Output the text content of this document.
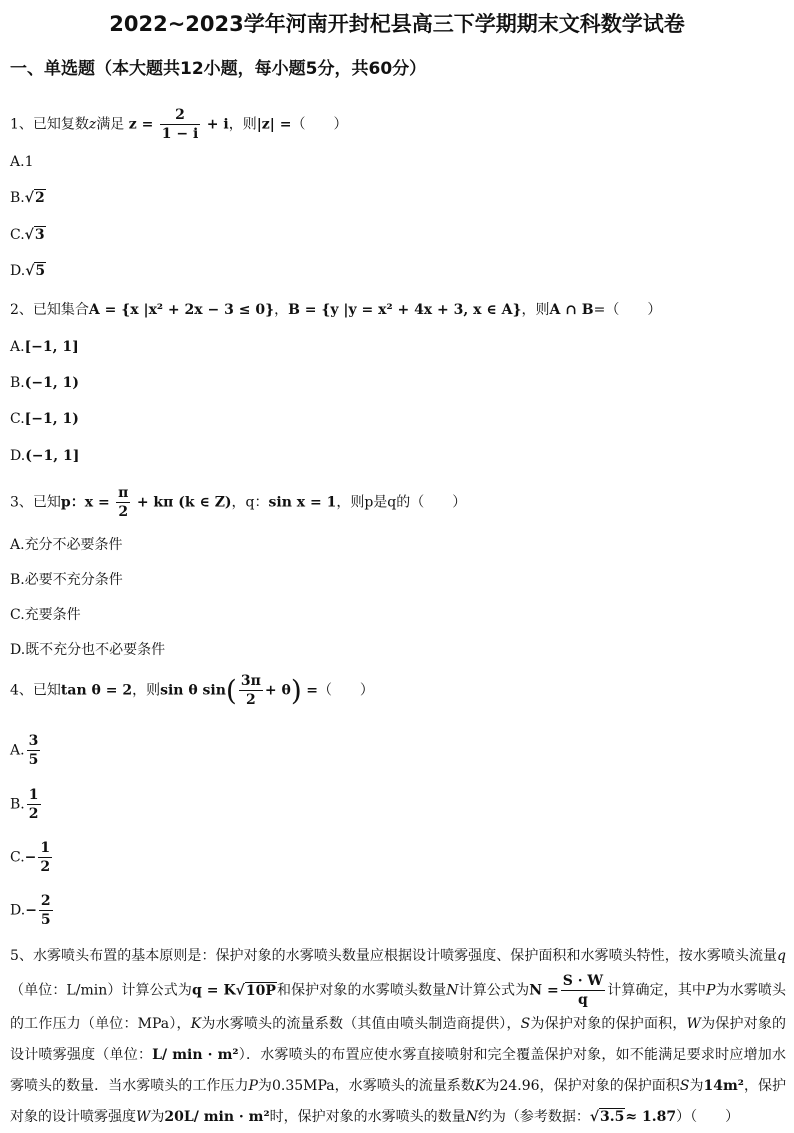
2022~2023学年河南开封杞县高三下学期期末文科数学试卷
一、单选题（本大题共12小题，每小题5分，共60分）
1、已知复数z满足 $z = \frac{2}{1 - i} + i$，则|z| =（　　）
A.1
B.√2
C.√3
D.√5
2、已知集合A = {x |x² + 2x − 3 ≤ 0}，B = {y |y = x² + 4x + 3, x ∈ A}，则A ∩ B=（　　）
A.[−1, 1]
B.(−1, 1)
C.[−1, 1)
D.(−1, 1]
3、已知p：$x = \frac{\pi}{2} + k\pi$ (k ∈ Z)，q：sin x = 1，则p是q的（　　）
A.充分不必要条件
B.必要不充分条件
C.充要条件
D.既不充分也不必要条件
4、已知tan θ = 2，则sin θ $\sin( \frac{3\pi}{2} + \theta)$ =（　　）
A. $\frac{3}{5}$
B. $\frac{1}{2}$
$C.- \frac{1}{2}$
$D.- \frac{2}{5}$
5、水雾喷头布置的基本原则是：保护对象的水雾喷头数量应根据设计喷雾强度、保护面积和水雾喷头特性，按水雾喷头流量q（单位：L/min）计算公式为q = K√10P和保护对象的水雾喷头数量N计算公式为$N = \frac{S \cdot W}{q}$ 计算确定，其中P为水雾喷头的工作压力（单位：MPa），K为水雾喷头的流量系数（其值由喷头制造商提供），S为保护对象的保护面积，W为保护对象的设计喷雾强度（单位：L/ min · m²）．水雾喷头的布置应使水雾直接喷射和完全覆盖保护对象，如不能满足要求时应增加水雾喷头的数量．当水雾喷头的工作压力P为0.35MPa，水雾喷头的流量系数K为24.96，保护对象的保护面积S为14m²，保护对象的设计喷雾强度W为20L/ min · m²时，保护对象的水雾喷头的数量N约为（参考数据：√3.5≈ 1.87）（　　）
